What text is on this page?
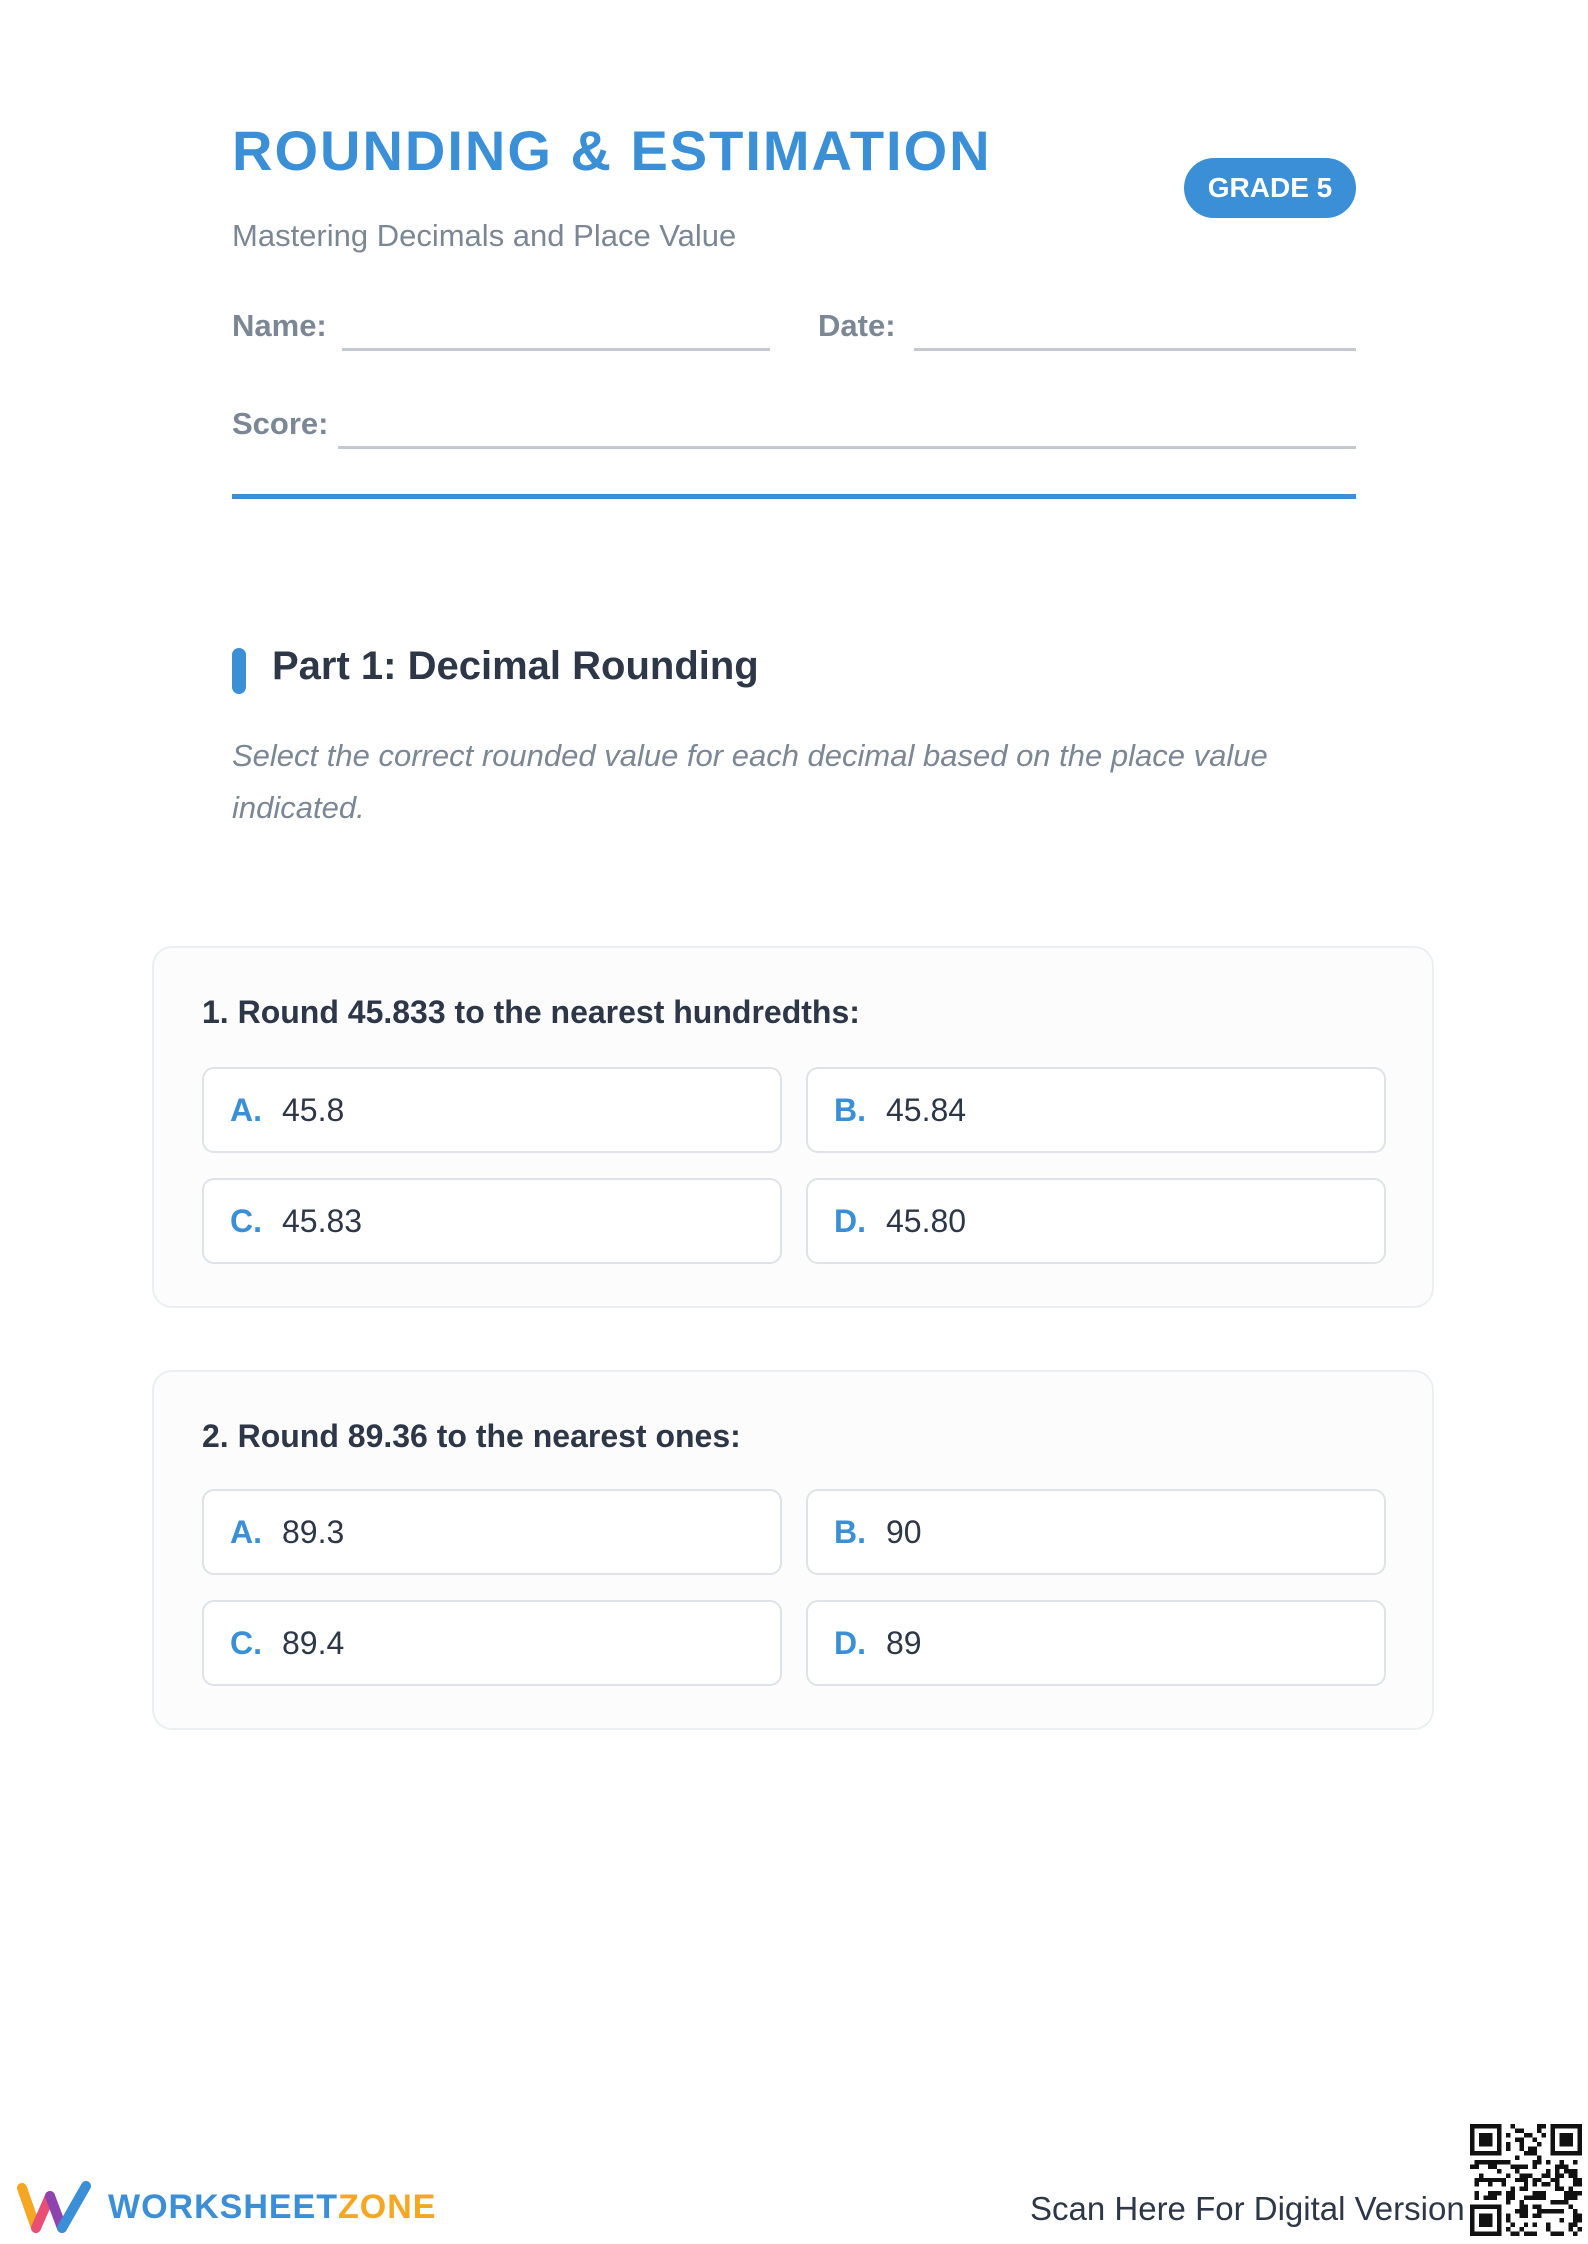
ROUNDING & ESTIMATION
Mastering Decimals and Place Value
GRADE 5
Name:	Date:
Score:
Part 1: Decimal Rounding
Select the correct rounded value for each decimal based on the place value indicated.
1. Round 45.833 to the nearest hundredths:
A. 45.8	B. 45.84
C. 45.83	D. 45.80
2. Round 89.36 to the nearest ones:
A. 89.3	B. 90
C. 89.4	D. 89
WORKSHEETZONE	Scan Here For Digital Version
